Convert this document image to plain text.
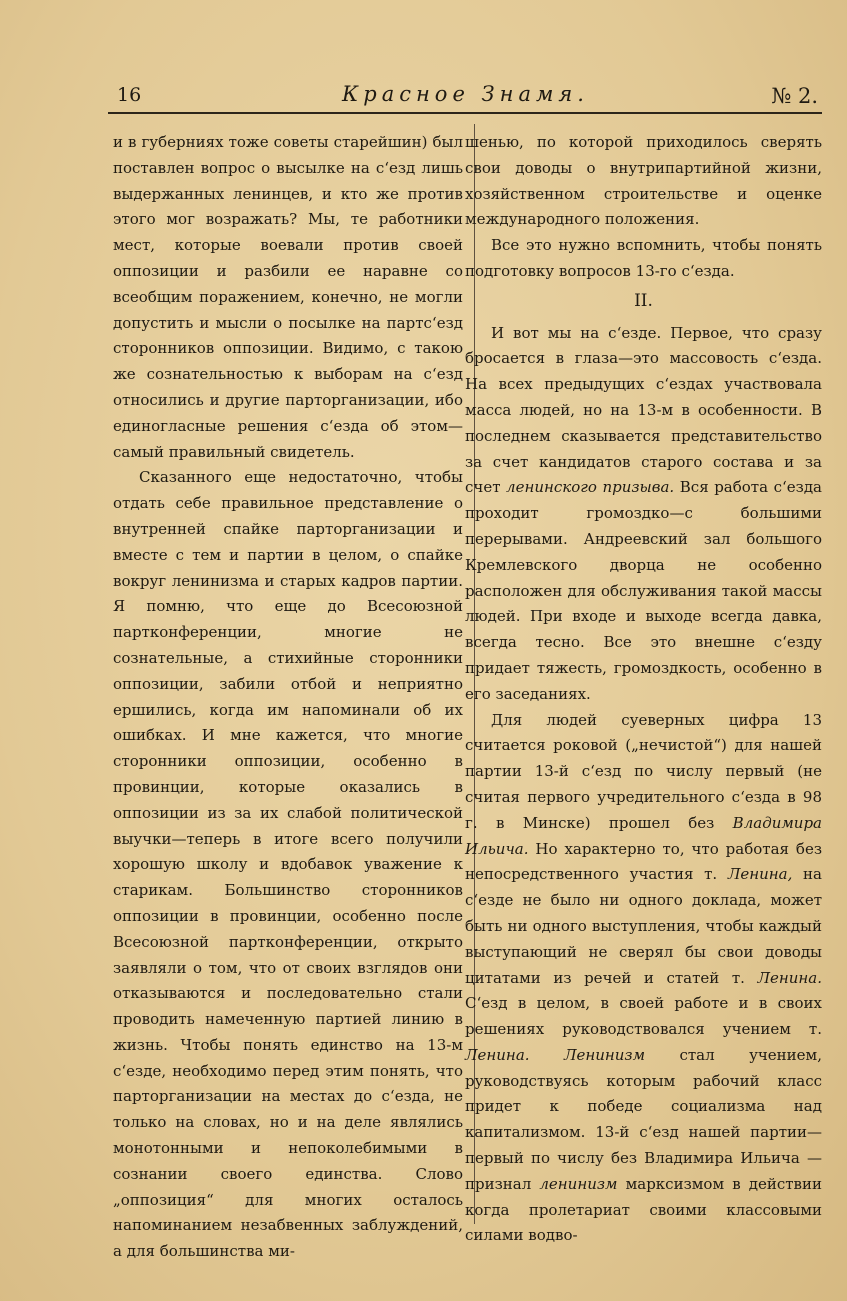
16	Красное Знамя.	№ 2.

и в губерниях тоже советы старейшин) был поставлен вопрос о высылке на с‘езд лишь выдержанных ленинцев, и кто же против этого мог возражать? Мы, те работники мест, которые воевали против своей оппозиции и разбили ее наравне со всеобщим поражением, конечно, не могли допустить и мысли о посылке на партс‘езд сторонников оппозиции. Видимо, с такою же сознательностью к выборам на с‘езд относились и другие парторганизации, ибо единогласные решения с‘езда об этом—самый правильный свидетель.

Сказанного еще недостаточно, чтобы отдать себе правильное представление о внутренней спайке парторганизации и вместе с тем и партии в целом, о спайке вокруг ленинизма и старых кадров партии. Я помню, что еще до Всесоюзной партконференции, многие не сознательные, а стихийные сторонники оппозиции, забили отбой и неприятно ершились, когда им напоминали об их ошибках. И мне кажется, что многие сторонники оппозиции, особенно в провинции, которые оказались в оппозиции из за их слабой политической выучки—теперь в итоге всего получили хорошую школу и вдобавок уважение к старикам. Большинство сторонников оппозиции в провинции, особенно после Всесоюзной партконференции, открыто заявляли о том, что от своих взглядов они отказываются и последовательно стали проводить намеченную партией линию в жизнь. Чтобы понять единство на 13-м с‘езде, необходимо перед этим понять, что парторганизации на местах до с‘езда, не только на словах, но и на деле являлись монотонными и непоколебимыми в сознании своего единства. Слово „оппозиция“ для многих осталось напоминанием незабвенных заблуждений, а для большинства ми-

шенью, по которой приходилось сверять свои доводы о внутрипартийной жизни, хозяйственном строительстве и оценке международного положения.

Все это нужно вспомнить, чтобы понять подготовку вопросов 13-го с‘езда.

II.

И вот мы на с‘езде. Первое, что сразу бросается в глаза—это массовость с‘езда. На всех предыдущих с‘ездах участвовала масса людей, но на 13-м в особенности. В последнем сказывается представительство за счет кандидатов старого состава и за счет ленинского призыва. Вся работа с‘езда проходит громоздко—с большими перерывами. Андреевский зал большого Кремлевского дворца не особенно расположен для обслуживания такой массы людей. При входе и выходе всегда давка, всегда тесно. Все это внешне с‘езду придает тяжесть, громоздкость, особенно в его заседаниях.

Для людей суеверных цифра 13 считается роковой („нечистой“) для нашей партии 13-й с‘езд по числу первый (не считая первого учредительного с‘езда в 98 г. в Минске) прошел без Владимира Ильича. Но характерно то, что работая без непосредственного участия т. Ленина, на с‘езде не было ни одного доклада, может быть ни одного выступления, чтобы каждый выступающий не сверял бы свои доводы цитатами из речей и статей т. Ленина. С‘езд в целом, в своей работе и в своих решениях руководствовался учением т. Ленина. Ленинизм стал учением, руководствуясь которым рабочий класс придет к победе социализма над капитализмом. 13-й с‘езд нашей партии—первый по числу без Владимира Ильича — признал ленинизм марксизмом в действии когда пролетариат своими классовыми силами водво-
